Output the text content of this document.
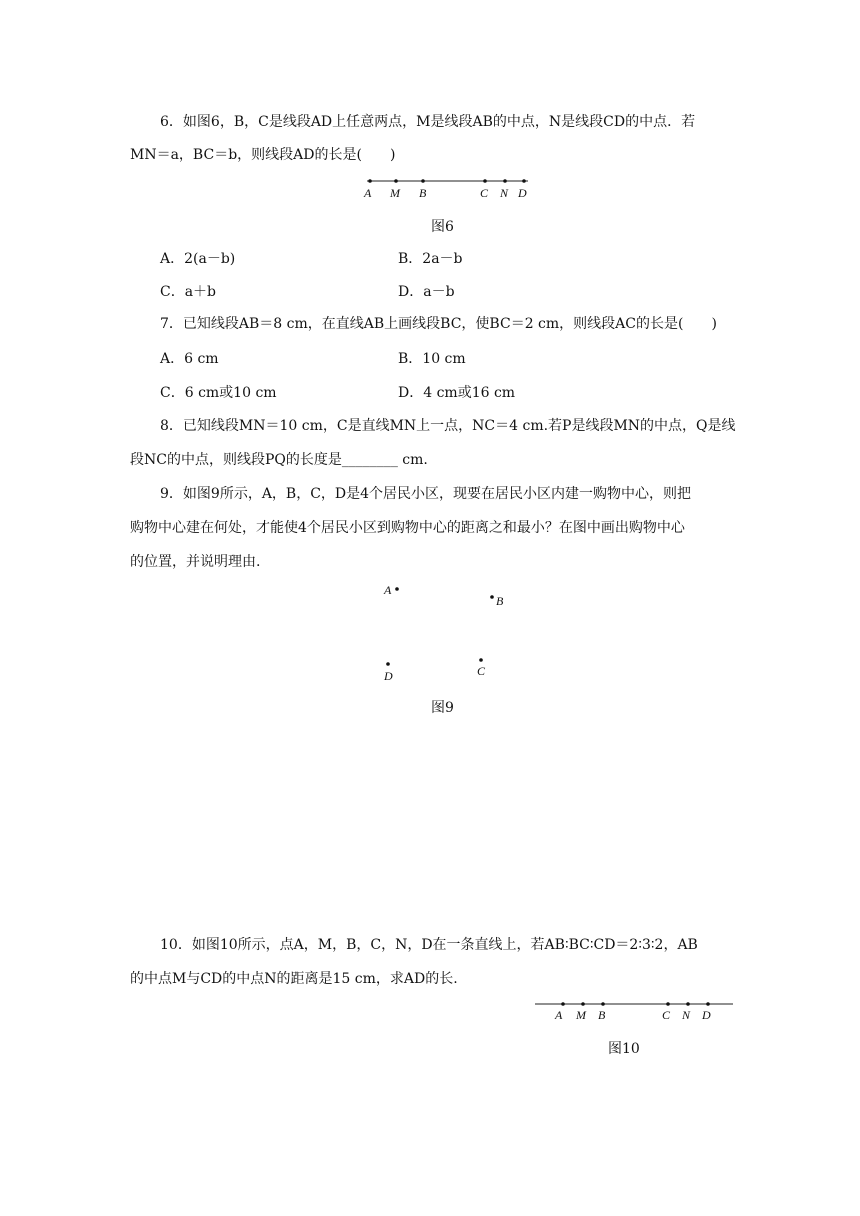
6．如图6，B，C是线段AD上任意两点，M是线段AB的中点，N是线段CD的中点．若
MN＝a，BC＝b，则线段AD的长是(　　)
A M B	C N D
A
B
D	C
A M B	C N D
图6
A．2(a－b)	B．2a－b
C．a＋b	D．a－b
7．已知线段AB＝8 cm，在直线AB上画线段BC，使BC＝2 cm，则线段AC的长是(　　)
A．6 cm	B．10 cm
C．6 cm或10 cm	D．4 cm或16 cm
8．已知线段MN＝10 cm，C是直线MN上一点，NC＝4 cm.若P是线段MN的中点，Q是线
段NC的中点，则线段PQ的长度是________ cm.
9．如图9所示，A，B，C，D是4个居民小区，现要在居民小区内建一购物中心，则把
购物中心建在何处，才能使4个居民小区到购物中心的距离之和最小？在图中画出购物中心
的位置，并说明理由.
图9
10．如图10所示，点A，M，B，C，N，D在一条直线上，若AB∶BC∶CD＝2∶3∶2，AB
的中点M与CD的中点N的距离是15 cm，求AD的长.
图10
